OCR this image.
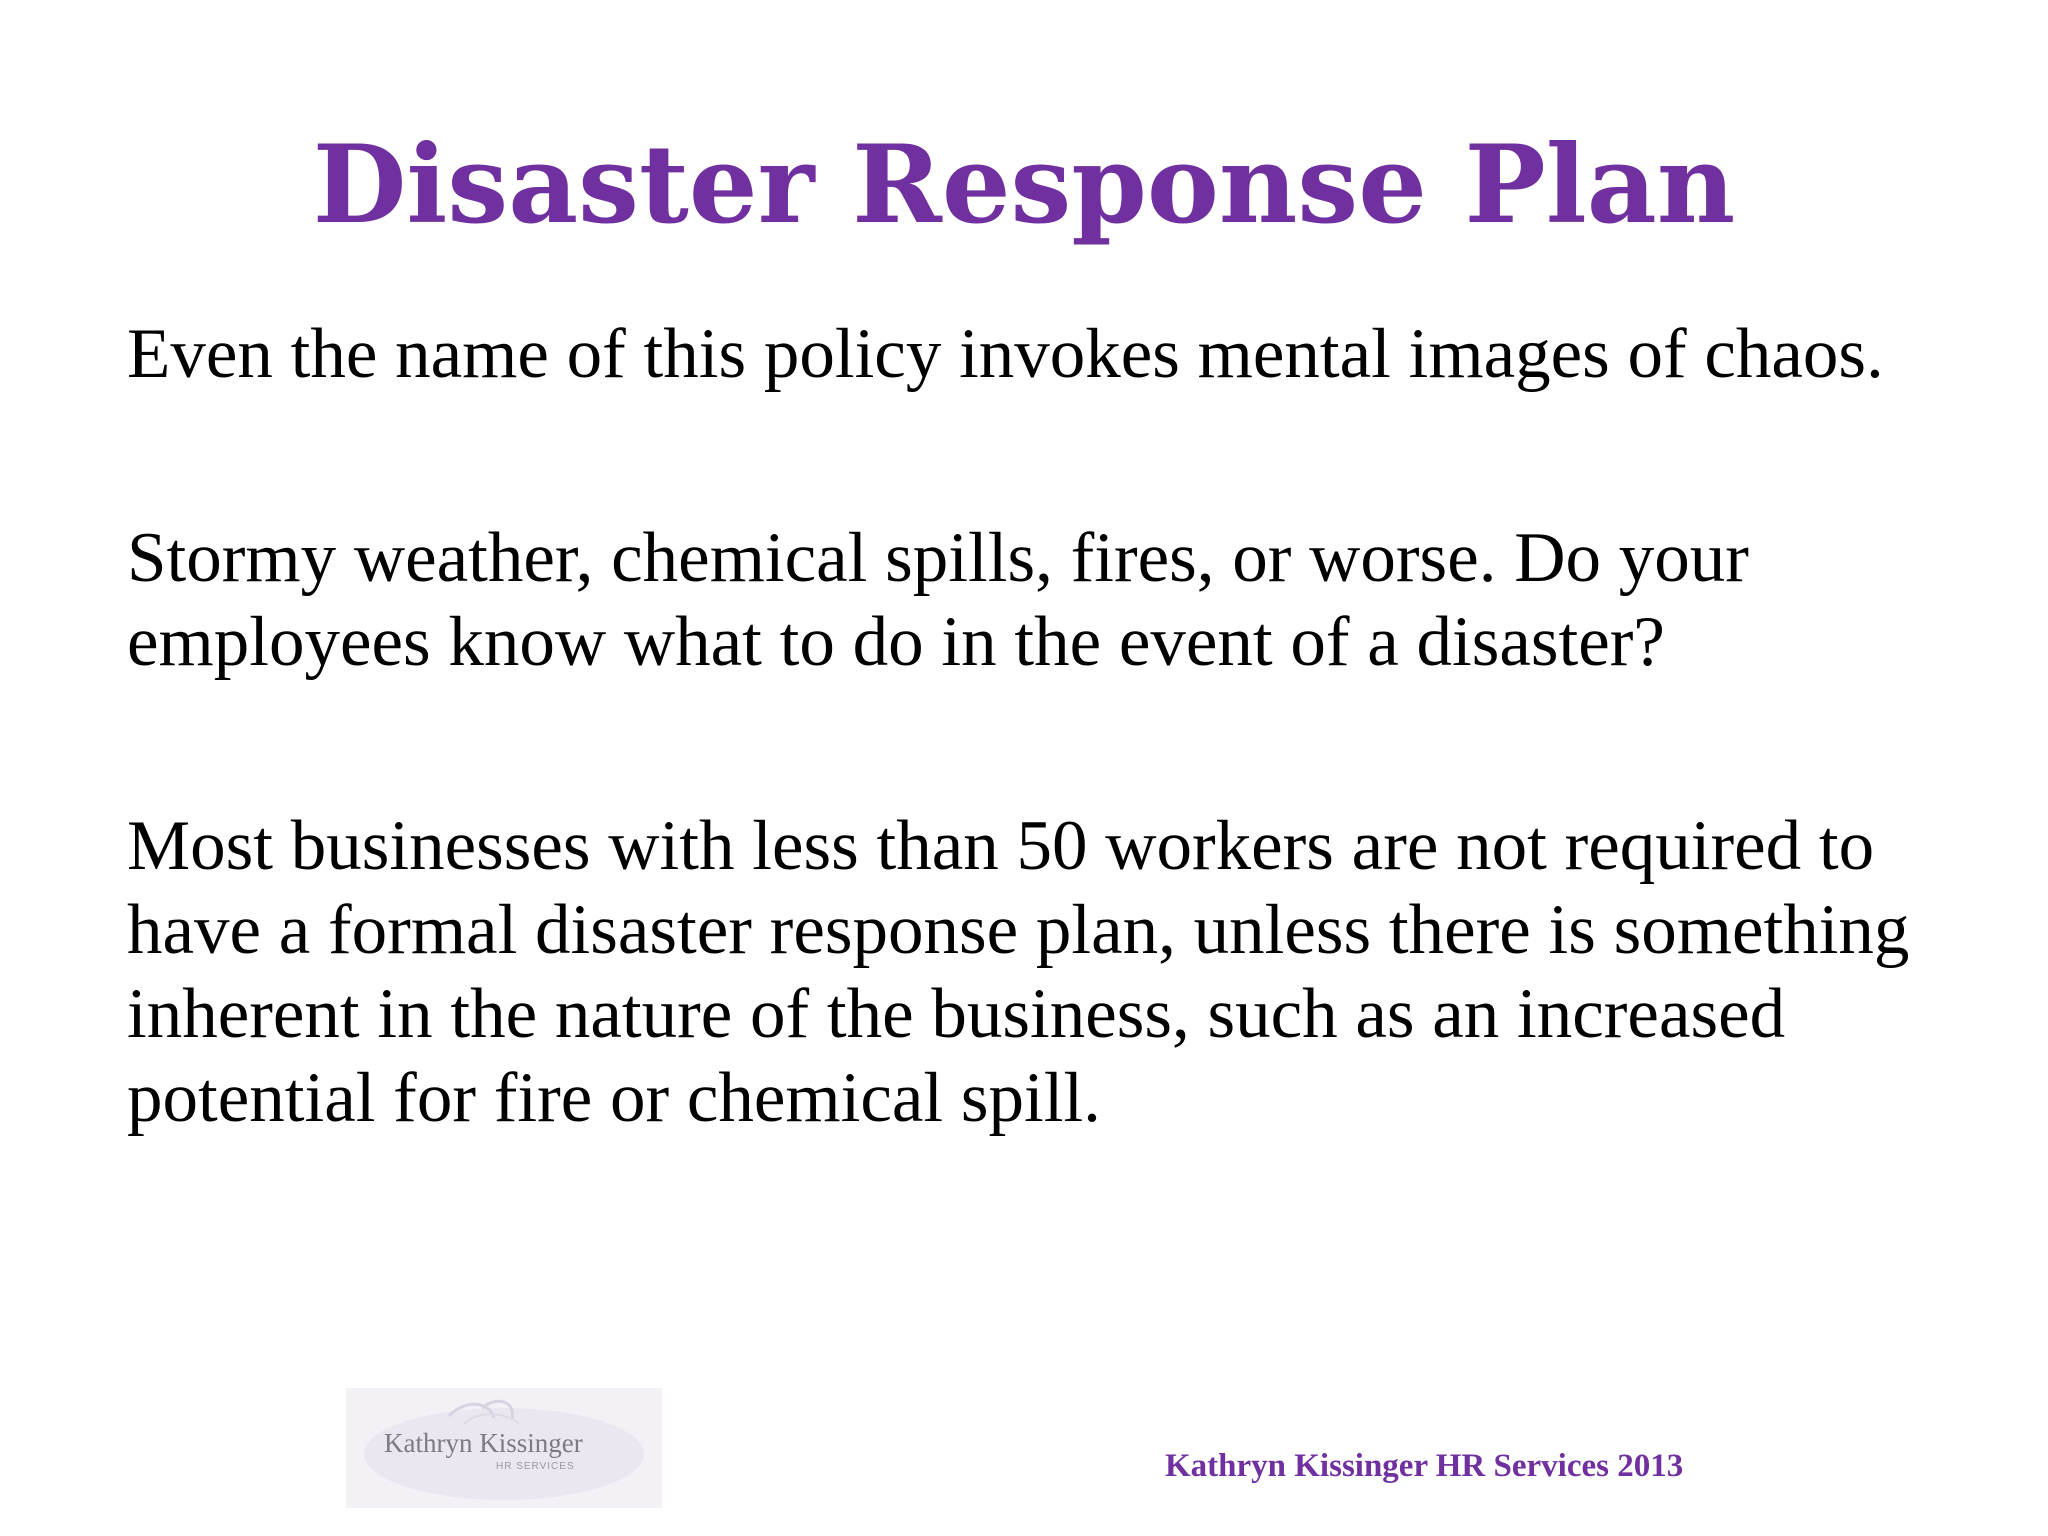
Disaster Response Plan

Even the name of this policy invokes mental images of chaos.

Stormy weather, chemical spills, fires, or worse. Do your employees know what to do in the event of a disaster?

Most businesses with less than 50 workers are not required to have a formal disaster response plan, unless there is something inherent in the nature of the business, such as an increased potential for fire or chemical spill.

Kathryn Kissinger
HR SERVICES	Kathryn Kissinger HR Services 2013
